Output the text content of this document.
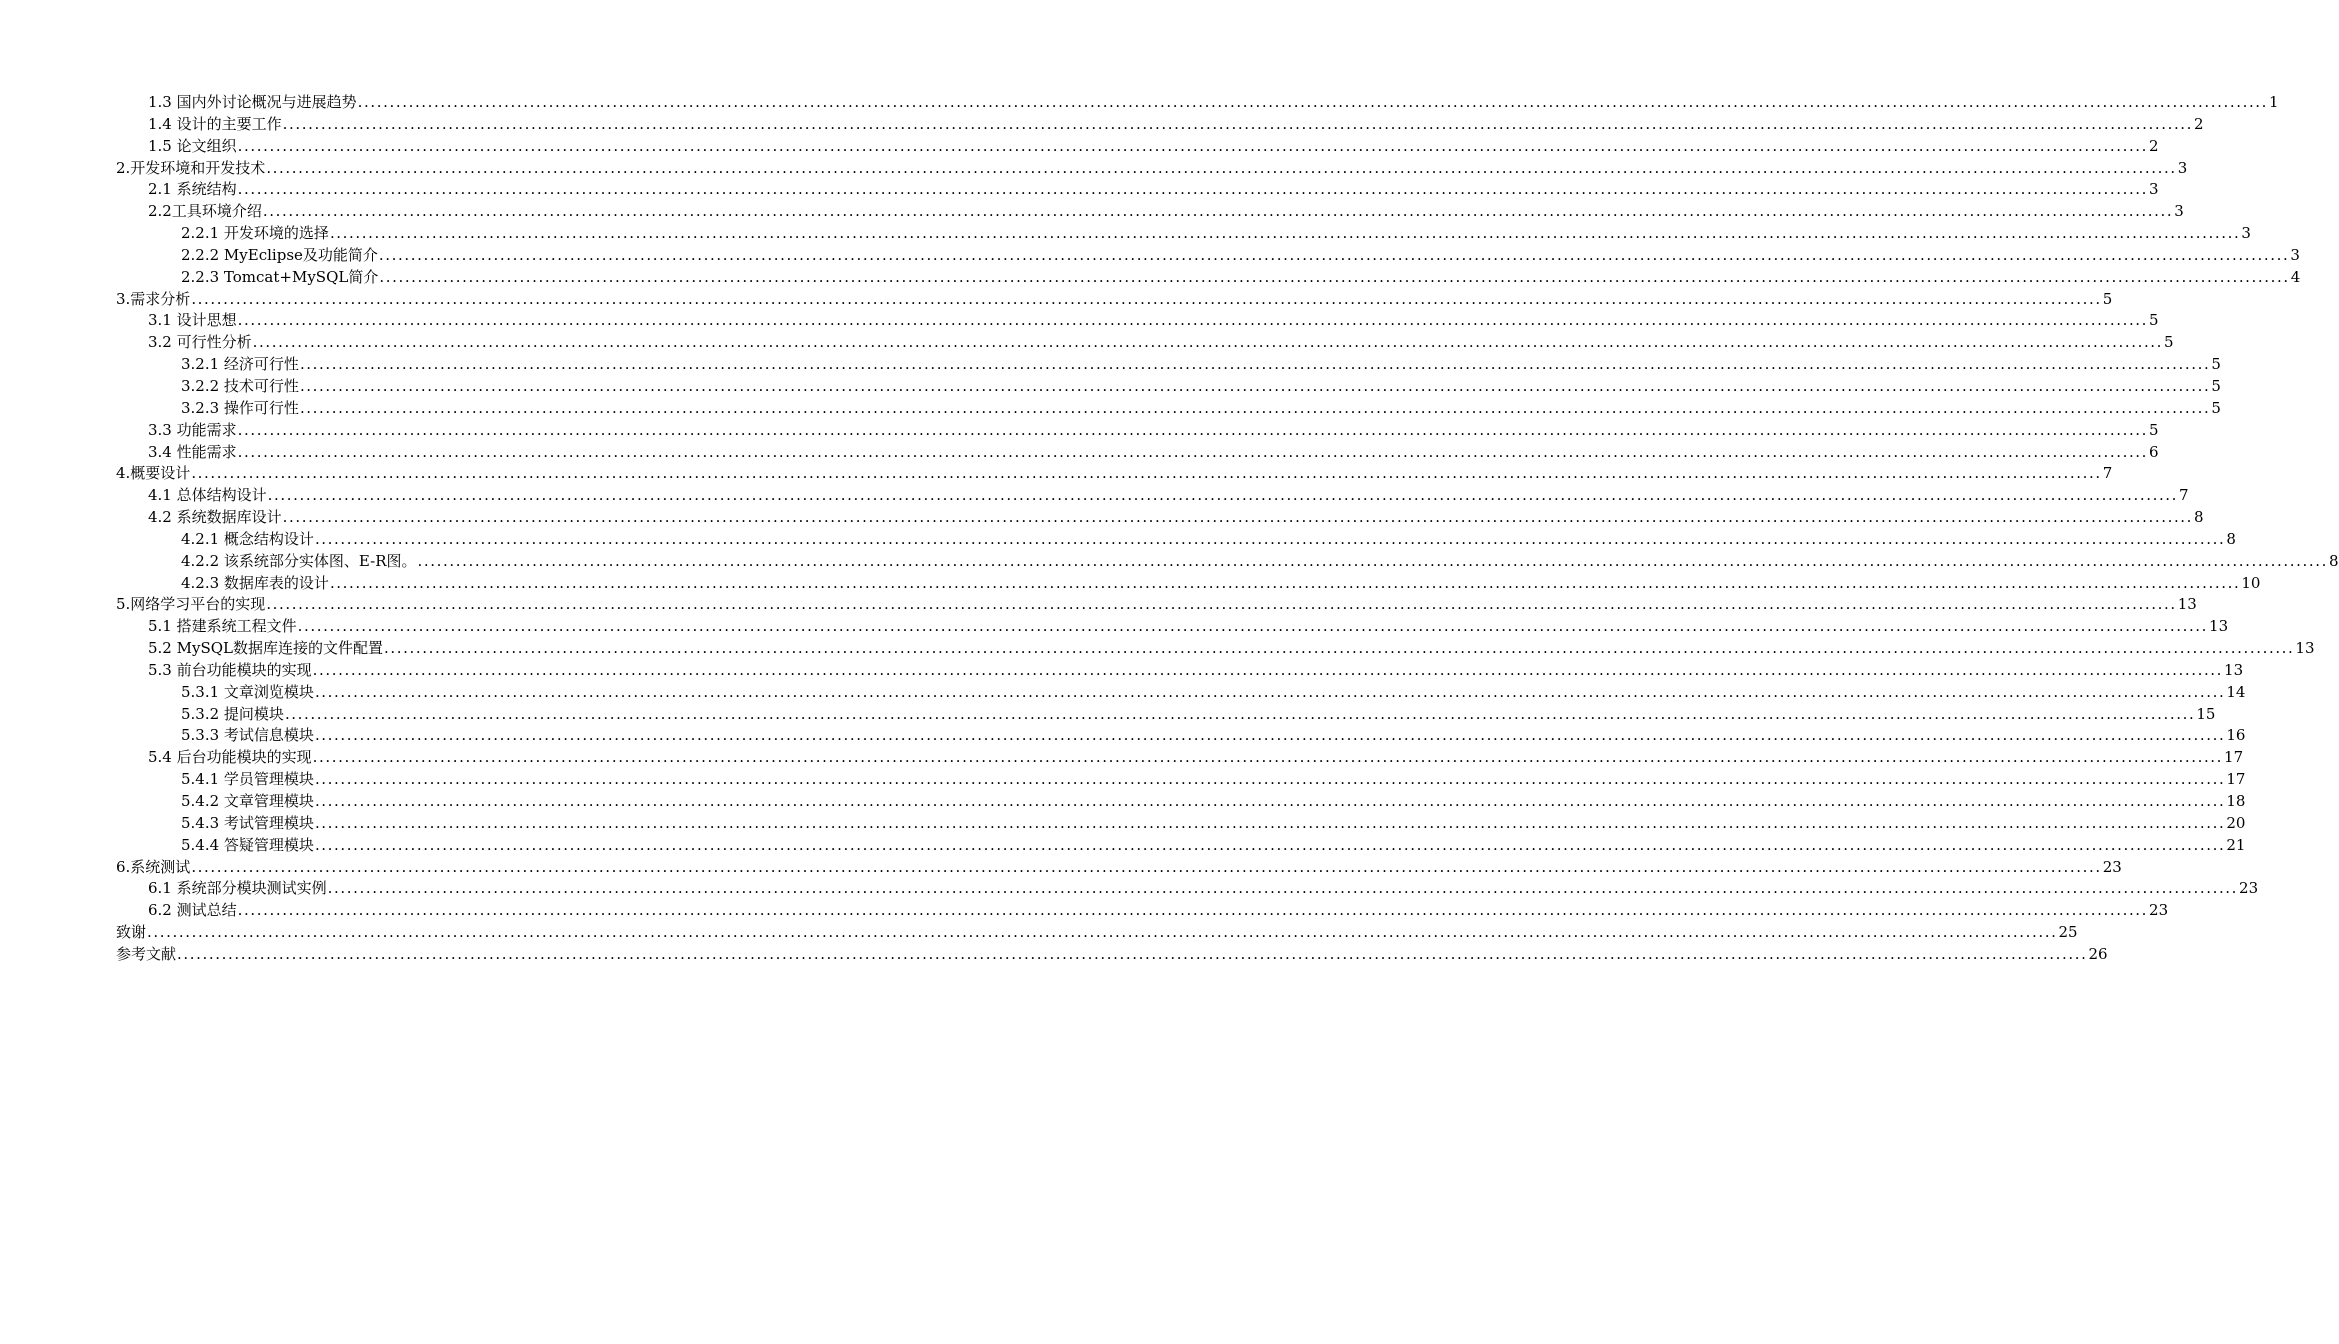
1.3 国内外讨论概况与进展趋势 ............................................................................................................................................................................................................................................................................................................ 1
1.4 设计的主要工作 ............................................................................................................................................................................................................................................................................................................ 2
1.5 论文组织 ............................................................................................................................................................................................................................................................................................................ 2
2.开发环境和开发技术 ............................................................................................................................................................................................................................................................................................................ 3
2.1 系统结构 ............................................................................................................................................................................................................................................................................................................ 3
2.2工具环境介绍 ............................................................................................................................................................................................................................................................................................................ 3
2.2.1 开发环境的选择 ............................................................................................................................................................................................................................................................................................................ 3
2.2.2 MyEclipse及功能简介 ............................................................................................................................................................................................................................................................................................................ 3
2.2.3 Tomcat+MySQL简介 ............................................................................................................................................................................................................................................................................................................ 4
3.需求分析 ............................................................................................................................................................................................................................................................................................................ 5
3.1 设计思想 ............................................................................................................................................................................................................................................................................................................ 5
3.2 可行性分析 ............................................................................................................................................................................................................................................................................................................ 5
3.2.1 经济可行性 ............................................................................................................................................................................................................................................................................................................ 5
3.2.2 技术可行性 ............................................................................................................................................................................................................................................................................................................ 5
3.2.3 操作可行性 ............................................................................................................................................................................................................................................................................................................ 5
3.3 功能需求 ............................................................................................................................................................................................................................................................................................................ 5
3.4 性能需求 ............................................................................................................................................................................................................................................................................................................ 6
4.概要设计 ............................................................................................................................................................................................................................................................................................................ 7
4.1 总体结构设计 ............................................................................................................................................................................................................................................................................................................ 7
4.2 系统数据库设计 ............................................................................................................................................................................................................................................................................................................ 8
4.2.1 概念结构设计 ............................................................................................................................................................................................................................................................................................................ 8
4.2.2 该系统部分实体图、E-R图。 ............................................................................................................................................................................................................................................................................................................ 8
4.2.3 数据库表的设计 ............................................................................................................................................................................................................................................................................................................ 10
5.网络学习平台的实现 ............................................................................................................................................................................................................................................................................................................ 13
5.1 搭建系统工程文件 ............................................................................................................................................................................................................................................................................................................ 13
5.2 MySQL数据库连接的文件配置 ............................................................................................................................................................................................................................................................................................................ 13
5.3 前台功能模块的实现 ............................................................................................................................................................................................................................................................................................................ 13
5.3.1 文章浏览模块 ............................................................................................................................................................................................................................................................................................................ 14
5.3.2 提问模块 ............................................................................................................................................................................................................................................................................................................ 15
5.3.3 考试信息模块 ............................................................................................................................................................................................................................................................................................................ 16
5.4 后台功能模块的实现 ............................................................................................................................................................................................................................................................................................................ 17
5.4.1 学员管理模块 ............................................................................................................................................................................................................................................................................................................ 17
5.4.2 文章管理模块 ............................................................................................................................................................................................................................................................................................................ 18
5.4.3 考试管理模块 ............................................................................................................................................................................................................................................................................................................ 20
5.4.4 答疑管理模块 ............................................................................................................................................................................................................................................................................................................ 21
6.系统测试 ............................................................................................................................................................................................................................................................................................................ 23
6.1 系统部分模块测试实例 ............................................................................................................................................................................................................................................................................................................ 23
6.2 测试总结 ............................................................................................................................................................................................................................................................................................................ 23
致谢 ............................................................................................................................................................................................................................................................................................................ 25
参考文献 ............................................................................................................................................................................................................................................................................................................ 26
